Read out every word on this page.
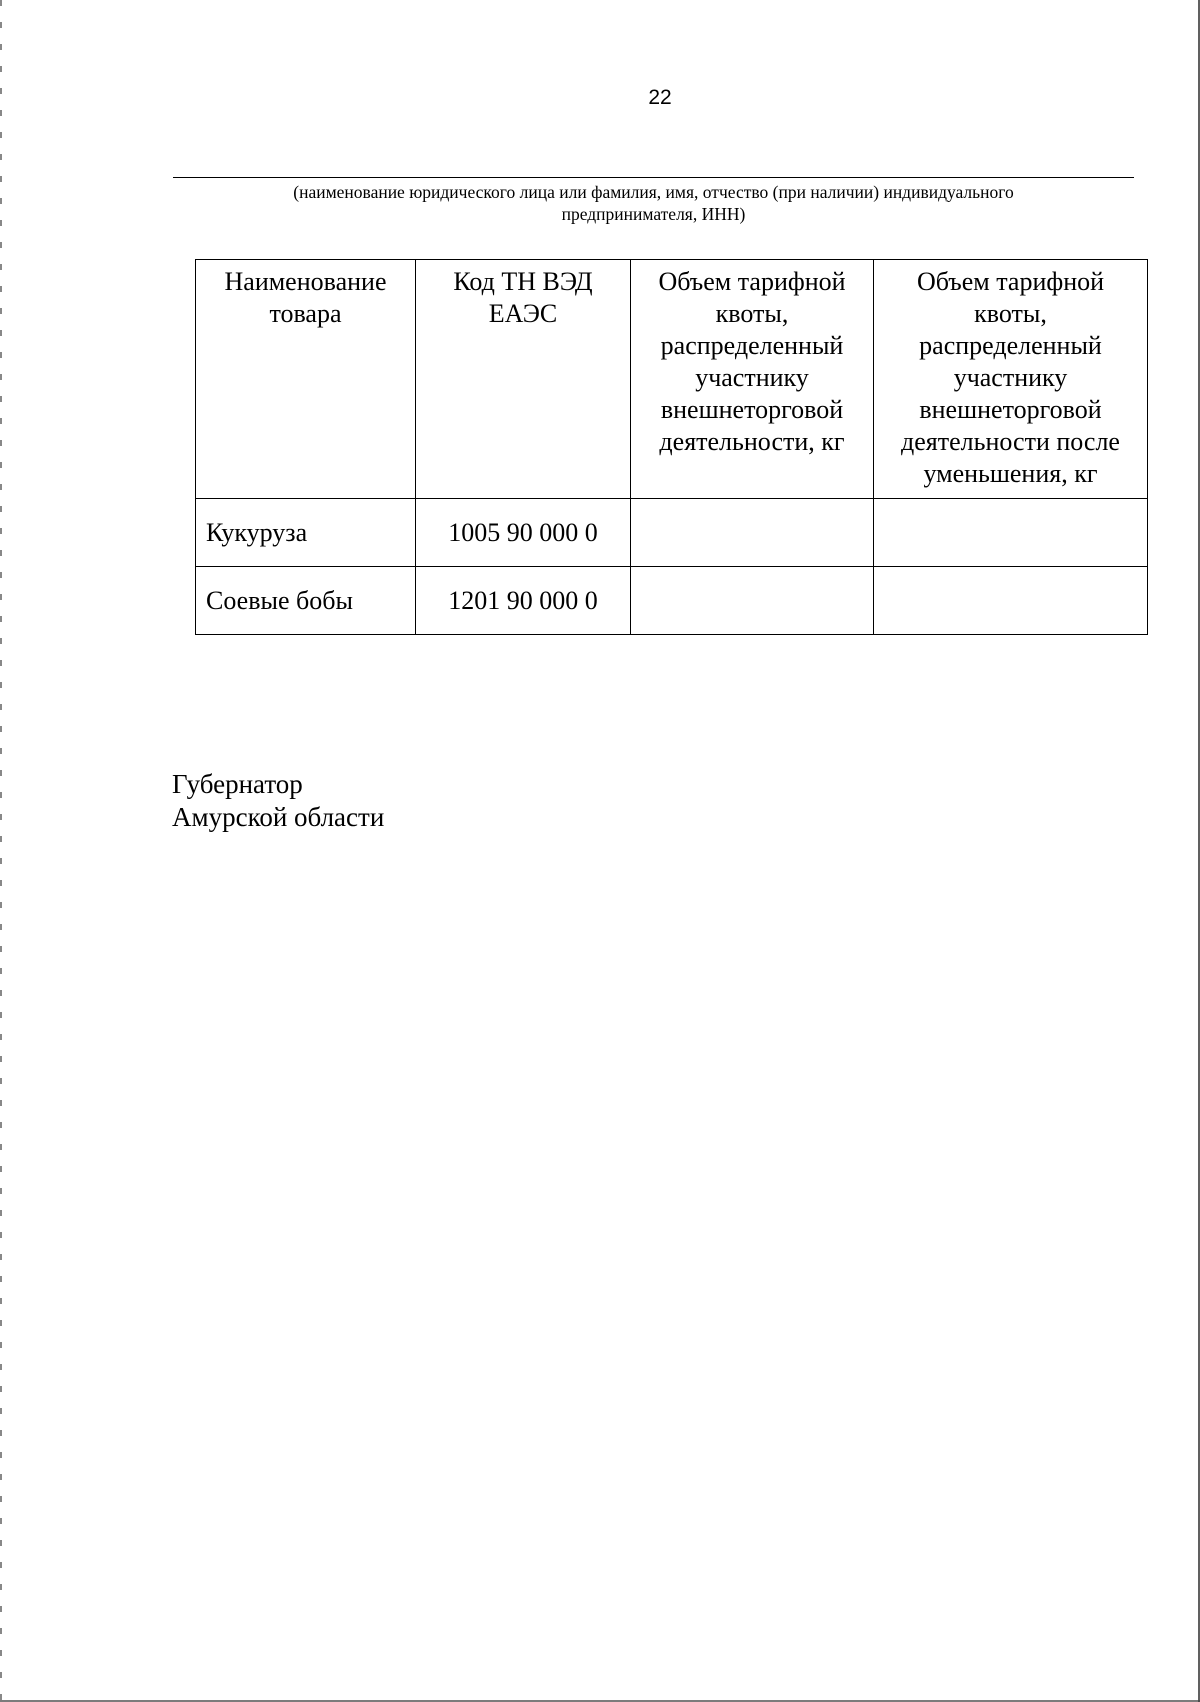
22
(наименование юридического лица или фамилия, имя, отчество (при наличии) индивидуального
предпринимателя, ИНН)
Наименование товара	Код ТН ВЭД ЕАЭС	Объем тарифной квоты, распределенный участнику внешнеторговой деятельности, кг	Объем тарифной квоты, распределенный участнику внешнеторговой деятельности после уменьшения, кг
Кукуруза	1005 90 000 0		
Соевые бобы	1201 90 000 0		
Губернатор
Амурской области
